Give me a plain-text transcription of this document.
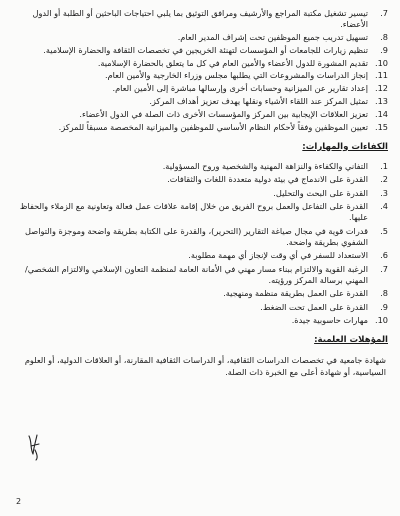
7.
تيسير تشغيل مكتبة المراجع والأرشيف ومرافق التوثيق بما يلبي احتياجات الباحثين أو الطلبة أو الدول الأعضاء.
8.
تسهيل تدريب جميع الموظفين تحت إشراف المدير العام.
9.
تنظيم زيارات للجامعات أو المؤسسات لتهنئة الخريجين في تخصصات الثقافة والحضارة الإسلامية.
10.
تقديم المشورة للدول الأعضاء والأمين العام في كل ما يتعلق بالحضارة الإسلامية.
11.
إنجاز الدراسات والمشروعات التي يطلبها مجلس وزراء الخارجية والأمين العام.
12.
إعداد تقارير عن الميزانية وحسابات أخرى وإرسالها مباشرة إلى الأمين العام.
13.
تمثيل المركز عند اللقاء الأشياء ونقلها يهدف تعزيز أهداف المركز.
14.
تعزيز العلاقات الإيجابية بين المركز والمؤسسات الأخرى ذات الصلة في الدول الأعضاء.
15.
تعيين الموظفين وفقاً لأحكام النظام الأساسي للموظفين والميزانية المخصصة مسبقاً للمركز.
الكفاءات والمهارات:
1.
التفاني والكفاءة والنزاهة المهنية والشخصية وروح المسؤولية.
2.
القدرة على الاندماج في بيئة دولية متعددة اللغات والثقافات.
3.
القدرة على البحث والتحليل.
4.
القدرة على التفاعل والعمل بروح الفريق من خلال إقامة علاقات عمل فعالة وتعاونية مع الزملاء والحفاظ عليها.
5.
قدرات قوية في مجال صياغة التقارير (التحرير)، والقدرة على الكتابة بطريقة واضحة وموجزة والتواصل الشفوي بطريقة واضحة.
6.
الاستعداد للسفر في أي وقت لإنجاز أي مهمة مطلوبة.
7.
الرغبة القوية والالتزام ببناء مسار مهني في الأمانة العامة لمنظمة التعاون الإسلامي والالتزام الشخصي/ المهني برسالة المركز ورؤيته.
8.
القدرة على العمل بطريقة منظمة ومنهجية.
9.
القدرة على العمل تحت الضغط.
10.
مهارات حاسوبية جيدة.
المؤهلات العلمية:

شهادة جامعية في تخصصات الدراسات الثقافية، أو الدراسات الثقافية المقارنة، أو العلاقات الدولية، أو العلوم السياسية، أو شهادة أعلى مع الخبرة ذات الصلة.

2
